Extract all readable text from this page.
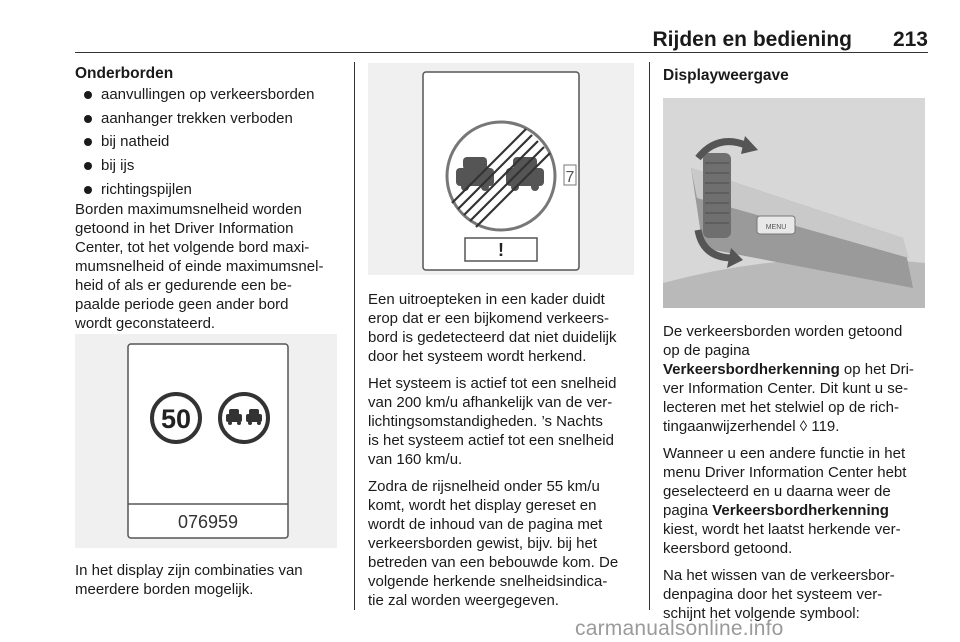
Rijden en bediening 213

Onderborden

aanvullingen op verkeersborden
aanhanger trekken verboden
bij natheid
bij ijs
richtingspijlen

Borden maximumsnelheid worden
getoond in het Driver Information
Center, tot het volgende bord maxi-
mumsnelheid of einde maximumsnel-
heid of als er gedurende een be-
paalde periode geen ander bord
wordt geconstateerd.

50
076959

In het display zijn combinaties van
meerdere borden mogelijk.

!
7

Een uitroepteken in een kader duidt
erop dat er een bijkomend verkeers-
bord is gedetecteerd dat niet duidelijk
door het systeem wordt herkend.

Het systeem is actief tot een snelheid
van 200 km/u afhankelijk van de ver-
lichtingsomstandigheden. ’s Nachts
is het systeem actief tot een snelheid
van 160 km/u.

Zodra de rijsnelheid onder 55 km/u
komt, wordt het display gereset en
wordt de inhoud van de pagina met
verkeersborden gewist, bijv. bij het
betreden van een bebouwde kom. De
volgende herkende snelheidsindica-
tie zal worden weergegeven.

Displayweergave

MENU

De verkeersborden worden getoond
op de pagina
Verkeersbordherkenning op het Dri-
ver Information Center. Dit kunt u se-
lecteren met het stelwiel op de rich-
tingaanwijzerhendel ◊ 119.

Wanneer u een andere functie in het
menu Driver Information Center hebt
geselecteerd en u daarna weer de
pagina Verkeersbordherkenning
kiest, wordt het laatst herkende ver-
keersbord getoond.

Na het wissen van de verkeersbor-
denpagina door het systeem ver-
schijnt het volgende symbool:

carmanualsonline.info
